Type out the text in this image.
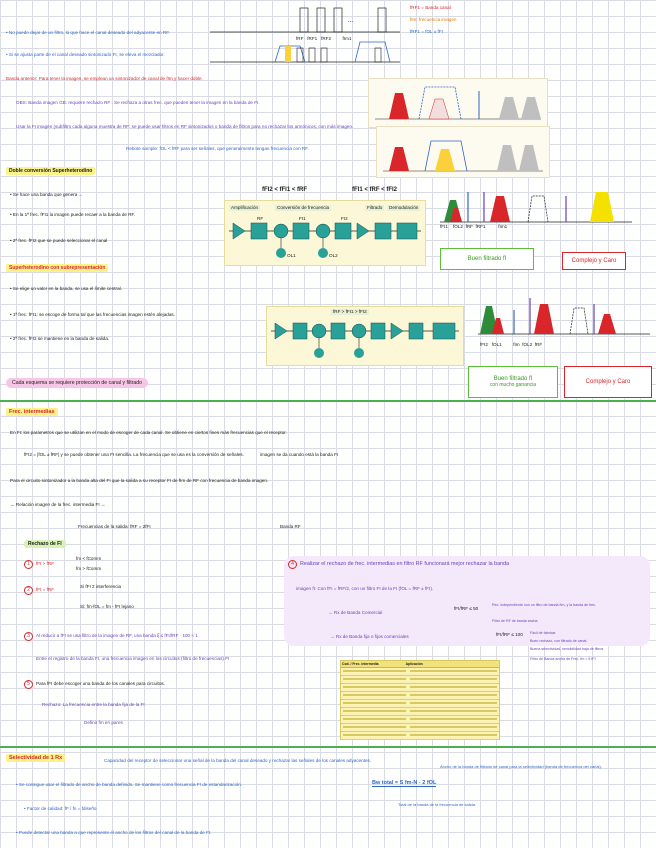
...
fRF fRF1 fRF2	fIm1
fRF1 = Banda canal
fIm: frecuencia imagen
fRF1 = fOL ± fFI
• No puedo dejar de un filtro, lo que hace el canal deseado del adyacente en RF.
• Si se ajusta parte de el canal deseado sintonizado FI, se eleva el mezclador.
Banda anterior: Para tener la imagen, se emplean un sintonizador de canal de fIm y hacer doble.
OBS: Banda imagen GB: requiere rechazo RF . Se rechaza a otras frec. que pueden tener la imagen en la banda de FI.
Usar la FI imagen (subfiltro cada alguna muestra de RF: se puede usar filtros en RF sintonizados o banda de filtros para no rechazar los armónicos, con más imagen.
Rebote sample: fOL < fRF para ser señales, que generalmente tengan frecuencia con RF.
Doble conversión Superheterodino
• Se hace una banda que genera ...
• En la 1ª frec. fFI1 la imagen puede recaer a la banda de RF.
• 2ª frec. fFI2 que se puede seleccionar el canal
fFI2 < fFI1 < fRF	fFI1 < fRF < fFI2
Amplificación	Conversión de frecuencia	Filtrado	Demodulación
RF	FI1	FI2
OL1	OL2
fFI1 fOL2 fRF fRF1	fIm1
Buen filtrado fI	Complejo y Caro
Superheterodino con subrepresentación
• Se elige un valor en la banda, se usa el límite central.
• 1ª frec. fFI1: se escoge de forma tal que las frecuencias imagen estén alejadas.
• 2ª frec. fFI2 se mantiene en la banda de salida.
fRF > fFI1 > fFI2
fFI2 fOL1	fIm fOL2 fRF
Buen filtrado fI
con mucho ganancia	Complejo y Caro
Cada esquema se requiere protección de canal y filtrado
Frec. intermedias
En FI: los parámetros que se utilizan en el modo de escoger de cada canal. Se obtiene en ciertos fines más frecuencias que el receptor.
fFI2 = |fOL ± fRF| y se puede obtener una FI sencilla. La frecuencia que se usa es la conversión de señales.	imagen se da cuando está la banda FI
Para el circuito sintonizador a la banda alta del FI que la salida a su receptor FI de fIm de RF con frecuencia de banda imagen.
→ Relación imagen de la frec. intermedia FI →
Frecuencias de la salida: fRF = 2fFI	Banda RF
Rechazo de FI
1 fFI > fRF
fm < fComm
fm > fComm
2 fFI = fRF
Si fFI ≠ interferencia
Si: fm-fOL = fm - fFI lejano
3 Al reducir a fFI se usa filtro de la imagen de RF, una banda 𝜉 ≤ fFI/fRF · 100 ≈ 1
Entre el registro de la banda FI, una frecuencia imagen en los circuitos (filtro de frecuencias) FI
5 Para fFI debe escoger una banda de los canales para circuitos.
Rechazo: La frecuencia entre la banda fija de la FI
Definir fm en pares
4 Realizar el rechazo de frec. intermedias en filtro RF funcionará mejor rechazar la banda
imagen fI: Con fFI = fRF/2, con un filtro FI de la FI (fOL = fRF ± fFI).
→ Rx de Banda Comercial
fFI/fRF ≤ 50
→ Rx de Banda fija o fijos comerciales	fFI/fRF ≤ 100
Rec. independiente con un filtro de banda fIm, y la banda de frec.
Filtro de RF de banda ancha
Fácil de fabricar
Buen rechazo, con filtrado de canal.
Buena selectividad, sensibilidad baja de filtros
Filtro de Banda ancha de Frec. fm < 5 fFI
Cod. / Frec. intermedia	Aplicación
Selectividad de 1 Rx	Capacidad del receptor de seleccionar una señal de la banda del canal deseado y rechazar las señales de los canales adyacentes.
• Se consigue usar el filtrado de ancho de banda definido. Se mantiene como frecuencia FI de estandarización.
• Factor de calidad: fF / fn = fdiseño
• Puede detectar una banda a que represente el ancho de los filtros del canal de la banda de FI.
Ancho de la banda de filtrado de canal para la selectividad (banda de frecuencia del canal).
Bw total = S fm-N - 2 fOL
Total de la banda de la frecuencia de salida.
